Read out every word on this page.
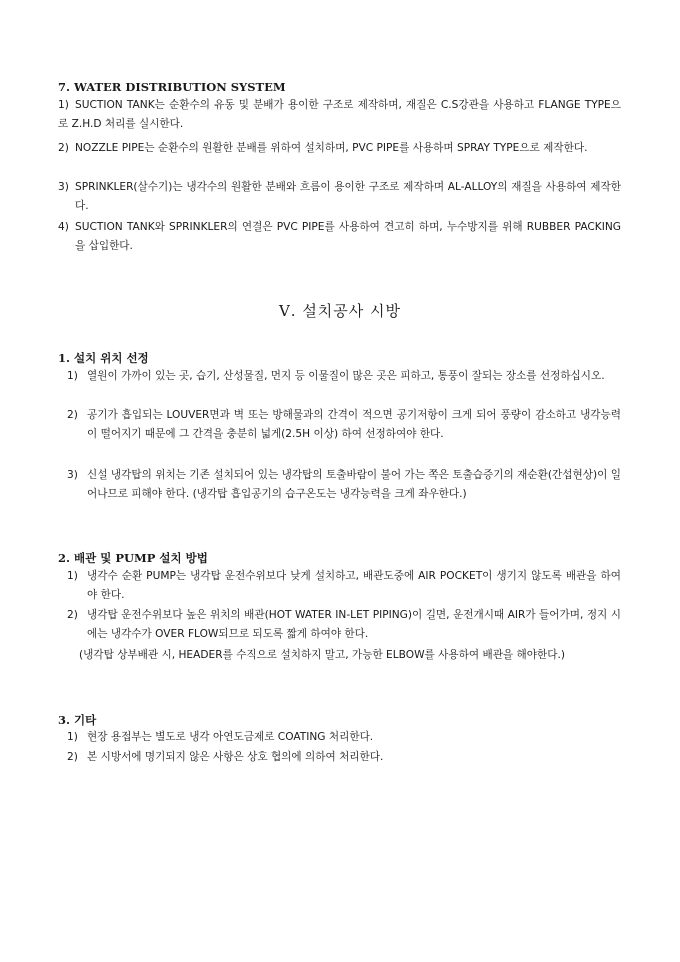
7. WATER DISTRIBUTION SYSTEM
SUCTION TANK는 순환수의 유동 및 분배가 용이한 구조로 제작하며, 재질은 C.S강관을 사용하고 FLANGE TYPE으로 Z.H.D 처리를 실시한다.
1)
NOZZLE PIPE는 순환수의 원활한 분배를 위하여 설치하며, PVC PIPE를 사용하며 SPRAY TYPE으로 제작한다.
2)
SPRINKLER(살수기)는 냉각수의 원활한 분배와 흐름이 용이한 구조로 제작하며 AL-ALLOY의 재질을 사용하여 제작한다.
3)
SUCTION TANK와 SPRINKLER의 연결은 PVC PIPE를 사용하여 견고히 하며, 누수방지를 위해 RUBBER PACKING을 삽입한다.
4)
Ⅴ. 설치공사 시방
1. 설치 위치 선정
열원이 가까이 있는 곳, 습기, 산성물질, 먼지 등 이물질이 많은 곳은 피하고, 통풍이 잘되는 장소를 선정하십시오.
1)
공기가 흡입되는 LOUVER면과 벽 또는 방해물과의 간격이 적으면 공기저항이 크게 되어 풍량이 감소하고 냉각능력이 떨어지기 때문에 그 간격을 충분히 넓게(2.5H 이상) 하여 선정하여야 한다.
2)
신설 냉각탑의 위치는 기존 설치되어 있는 냉각탑의 토출바람이 불어 가는 쪽은 토출습증기의 재순환(간섭현상)이 일어나므로 피해야 한다. (냉각탑 흡입공기의 습구온도는 냉각능력을 크게 좌우한다.)
3)
2. 배관 및 PUMP 설치 방법
냉각수 순환 PUMP는 냉각탑 운전수위보다 낮게 설치하고, 배관도중에 AIR POCKET이 생기지 않도록 배관을 하여야 한다.
1)
냉각탑 운전수위보다 높은 위치의 배관(HOT WATER IN-LET PIPING)이 길면, 운전개시때 AIR가 들어가며, 정지 시에는 냉각수가 OVER FLOW되므로 되도록 짧게 하여야 한다.
2)
(냉각탑 상부배관 시, HEADER를 수직으로 설치하지 말고, 가능한 ELBOW를 사용하여 배관을 해야한다.)
3. 기타
현장 용접부는 별도로 냉각 아연도금제로 COATING 처리한다.
1)
본 시방서에 명기되지 않은 사항은 상호 협의에 의하여 처리한다.
2)
